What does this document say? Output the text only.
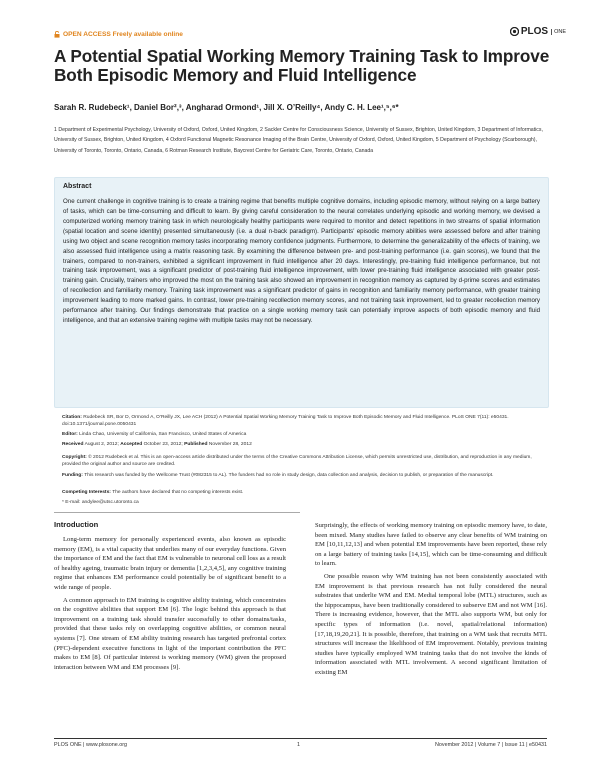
OPEN ACCESS Freely available online	PLOS	ONE
A Potential Spatial Working Memory Training Task to Improve Both Episodic Memory and Fluid Intelligence
Sarah R. Rudebeck¹, Daniel Bor²,³, Angharad Ormond¹, Jill X. O’Reilly⁴, Andy C. H. Lee¹,⁵,⁶*
1 Department of Experimental Psychology, University of Oxford, Oxford, United Kingdom, 2 Sackler Centre for Consciousness Science, University of Sussex, Brighton, United Kingdom, 3 Department of Informatics, University of Sussex, Brighton, United Kingdom, 4 Oxford Functional Magnetic Resonance Imaging of the Brain Centre, University of Oxford, Oxford, United Kingdom, 5 Department of Psychology (Scarborough), University of Toronto, Toronto, Ontario, Canada, 6 Rotman Research Institute, Baycrest Centre for Geriatric Care, Toronto, Ontario, Canada
Abstract
One current challenge in cognitive training is to create a training regime that benefits multiple cognitive domains, including episodic memory, without relying on a large battery of tasks, which can be time-consuming and difficult to learn. By giving careful consideration to the neural correlates underlying episodic and working memory, we devised a computerized working memory training task in which neurologically healthy participants were required to monitor and detect repetitions in two streams of spatial information (spatial location and scene identity) presented simultaneously (i.e. a dual n-back paradigm). Participants' episodic memory abilities were assessed before and after training using two object and scene recognition memory tasks incorporating memory confidence judgments. Furthermore, to determine the generalizability of the effects of training, we also assessed fluid intelligence using a matrix reasoning task. By examining the difference between pre- and post-training performance (i.e. gain scores), we found that the trainers, compared to non-trainers, exhibited a significant improvement in fluid intelligence after 20 days. Interestingly, pre-training fluid intelligence performance, but not training task improvement, was a significant predictor of post-training fluid intelligence improvement, with lower pre-training fluid intelligence associated with greater post-training gain. Crucially, trainers who improved the most on the training task also showed an improvement in recognition memory as captured by d-prime scores and estimates of recollection and familiarity memory. Training task improvement was a significant predictor of gains in recognition and familiarity memory performance, with greater training improvement leading to more marked gains. In contrast, lower pre-training recollection memory scores, and not training task improvement, led to greater recollection memory performance after training. Our findings demonstrate that practice on a single working memory task can potentially improve aspects of both episodic memory and fluid intelligence, and that an extensive training regime with multiple tasks may not be necessary.
Citation: Rudebeck SR, Bor D, Ormond A, O’Reilly JX, Lee ACH (2012) A Potential Spatial Working Memory Training Task to Improve Both Episodic Memory and Fluid Intelligence. PLoS ONE 7(11): e50431. doi:10.1371/journal.pone.0050431
Editor: Linda Chao, University of California, San Francisco, United States of America
Received August 2, 2012; Accepted October 23, 2012; Published November 28, 2012
Copyright: © 2012 Rudebeck et al. This is an open-access article distributed under the terms of the Creative Commons Attribution License, which permits unrestricted use, distribution, and reproduction in any medium, provided the original author and source are credited.
Funding: This research was funded by the Wellcome Trust (#082315 to AL). The funders had no role in study design, data collection and analysis, decision to publish, or preparation of the manuscript.
Competing Interests: The authors have declared that no competing interests exist.
* E-mail: andylee@utsc.utoronto.ca
Introduction

Long-term memory for personally experienced events, also known as episodic memory (EM), is a vital capacity that underlies many of our everyday functions. Given the importance of EM and the fact that EM is vulnerable to neuronal cell loss as a result of healthy ageing, traumatic brain injury or dementia [1,2,3,4,5], any cognitive training regime that enhances EM performance could potentially be of significant benefit to a wide range of people.

A common approach to EM training is cognitive ability training, which concentrates on the cognitive abilities that support EM [6]. The logic behind this approach is that improvement on a training task should transfer successfully to other domains/tasks, provided that these tasks rely on overlapping cognitive abilities, or common neural systems [7]. One stream of EM ability training research has targeted prefrontal cortex (PFC)-dependent executive functions in light of the important contribution the PFC makes to EM [8]. Of particular interest is working memory (WM) given the proposed interaction between WM and EM processes [9].

Surprisingly, the effects of working memory training on episodic memory have, to date, been mixed. Many studies have failed to observe any clear benefits of WM training on EM [10,11,12,13] and when potential EM improvements have been reported, these rely on a large battery of training tasks [14,15], which can be time-consuming and difficult to learn.

One possible reason why WM training has not been consistently associated with EM improvement is that previous research has not fully considered the neural substrates that underlie WM and EM. Medial temporal lobe (MTL) structures, such as the hippocampus, have been traditionally considered to subserve EM and not WM [16]. There is increasing evidence, however, that the MTL also supports WM, but only for specific types of information (i.e. novel, spatial/relational information) [17,18,19,20,21]. It is possible, therefore, that training on a WM task that recruits MTL structures will increase the likelihood of EM improvement. Notably, previous training studies have typically employed WM training tasks that do not involve the kinds of information associated with MTL involvement. A second significant limitation of existing EM

PLOS ONE | www.plosone.org	1	November 2012 | Volume 7 | Issue 11 | e50431
